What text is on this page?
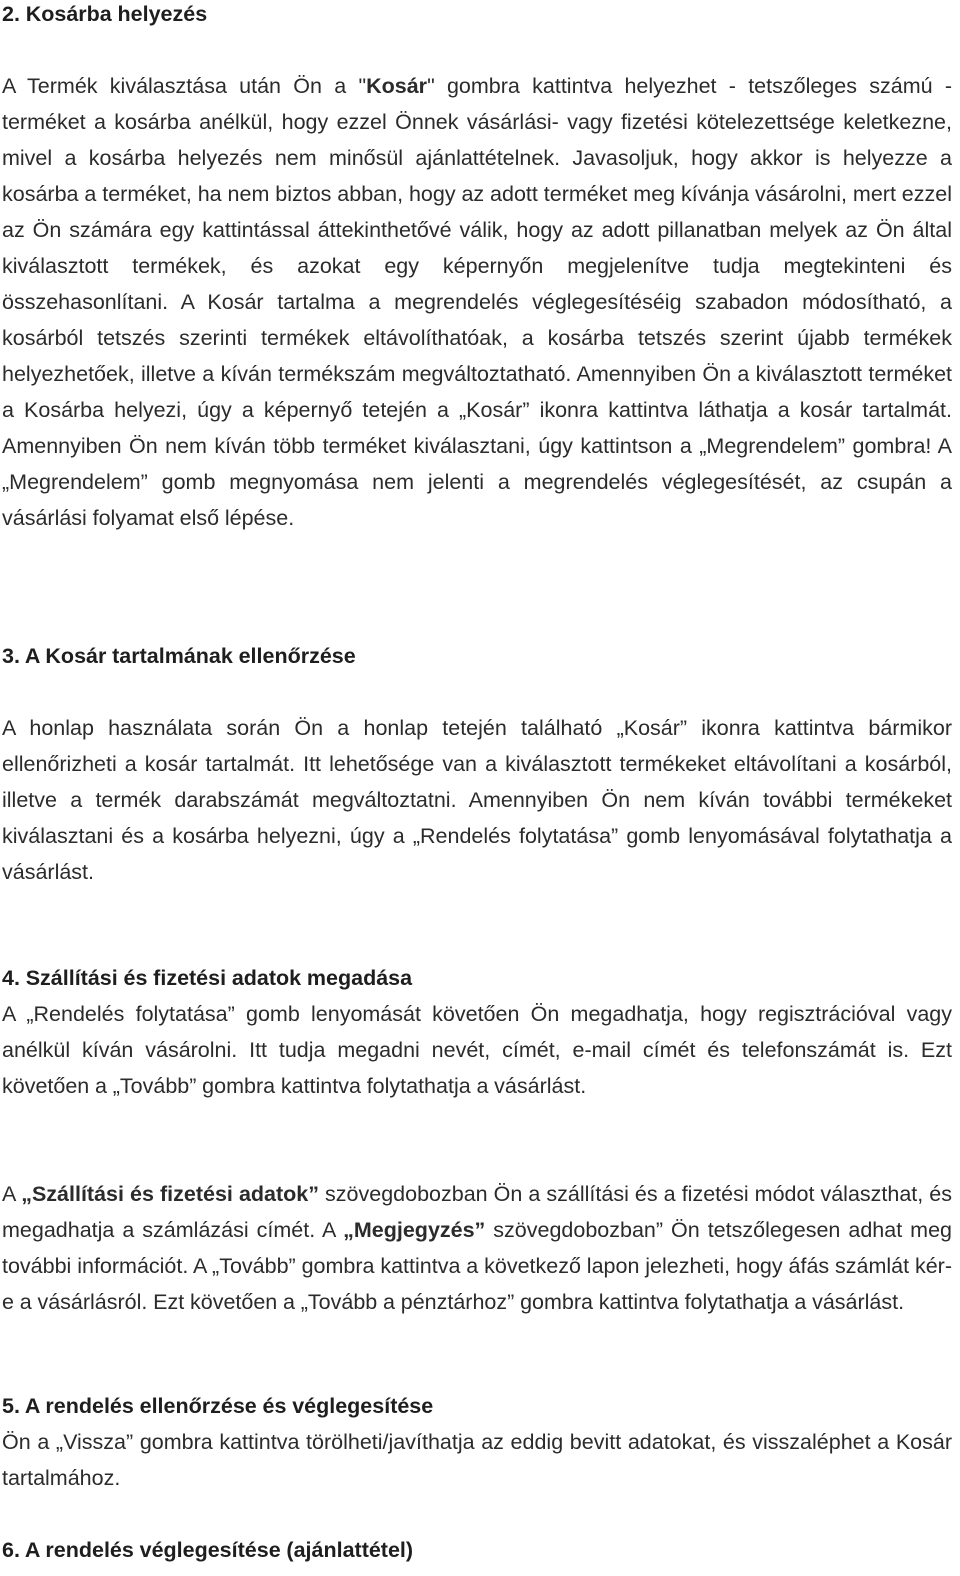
2. Kosárba helyezés

A Termék kiválasztása után Ön a "Kosár" gombra kattintva helyezhet - tetszőleges számú - terméket a kosárba anélkül, hogy ezzel Önnek vásárlási- vagy fizetési kötelezettsége keletkezne, mivel a kosárba helyezés nem minősül ajánlattételnek. Javasoljuk, hogy akkor is helyezze a kosárba a terméket, ha nem biztos abban, hogy az adott terméket meg kívánja vásárolni, mert ezzel az Ön számára egy kattintással áttekinthetővé válik, hogy az adott pillanatban melyek az Ön által kiválasztott termékek, és azokat egy képernyőn megjelenítve tudja megtekinteni és összehasonlítani. A Kosár tartalma a megrendelés véglegesítéséig szabadon módosítható, a kosárból tetszés szerinti termékek eltávolíthatóak, a kosárba tetszés szerint újabb termékek helyezhetőek, illetve a kíván termékszám megváltoztatható. Amennyiben Ön a kiválasztott terméket a Kosárba helyezi, úgy a képernyő tetején a „Kosár” ikonra kattintva láthatja a kosár tartalmát. Amennyiben Ön nem kíván több terméket kiválasztani, úgy kattintson a „Megrendelem” gombra! A „Megrendelem” gomb megnyomása nem jelenti a megrendelés véglegesítését, az csupán a vásárlási folyamat első lépése.

3. A Kosár tartalmának ellenőrzése

A honlap használata során Ön a honlap tetején található „Kosár” ikonra kattintva bármikor ellenőrizheti a kosár tartalmát. Itt lehetősége van a kiválasztott termékeket eltávolítani a kosárból, illetve a termék darabszámát megváltoztatni. Amennyiben Ön nem kíván további termékeket kiválasztani és a kosárba helyezni, úgy a „Rendelés folytatása” gomb lenyomásával folytathatja a vásárlást.

4. Szállítási és fizetési adatok megadása

A „Rendelés folytatása” gomb lenyomását követően Ön megadhatja, hogy regisztrációval vagy anélkül kíván vásárolni. Itt tudja megadni nevét, címét, e-mail címét és telefonszámát is. Ezt követően a „Tovább” gombra kattintva folytathatja a vásárlást.

A „Szállítási és fizetési adatok” szövegdobozban Ön a szállítási és a fizetési módot választhat, és megadhatja a számlázási címét. A „Megjegyzés” szövegdobozban” Ön tetszőlegesen adhat meg további információt. A „Tovább” gombra kattintva a következő lapon jelezheti, hogy áfás számlát kér-e a vásárlásról. Ezt követően a „Tovább a pénztárhoz” gombra kattintva folytathatja a vásárlást.

5. A rendelés ellenőrzése és véglegesítése

Ön a „Vissza” gombra kattintva törölheti/javíthatja az eddig bevitt adatokat, és visszaléphet a Kosár tartalmához.

6. A rendelés véglegesítése (ajánlattétel)
